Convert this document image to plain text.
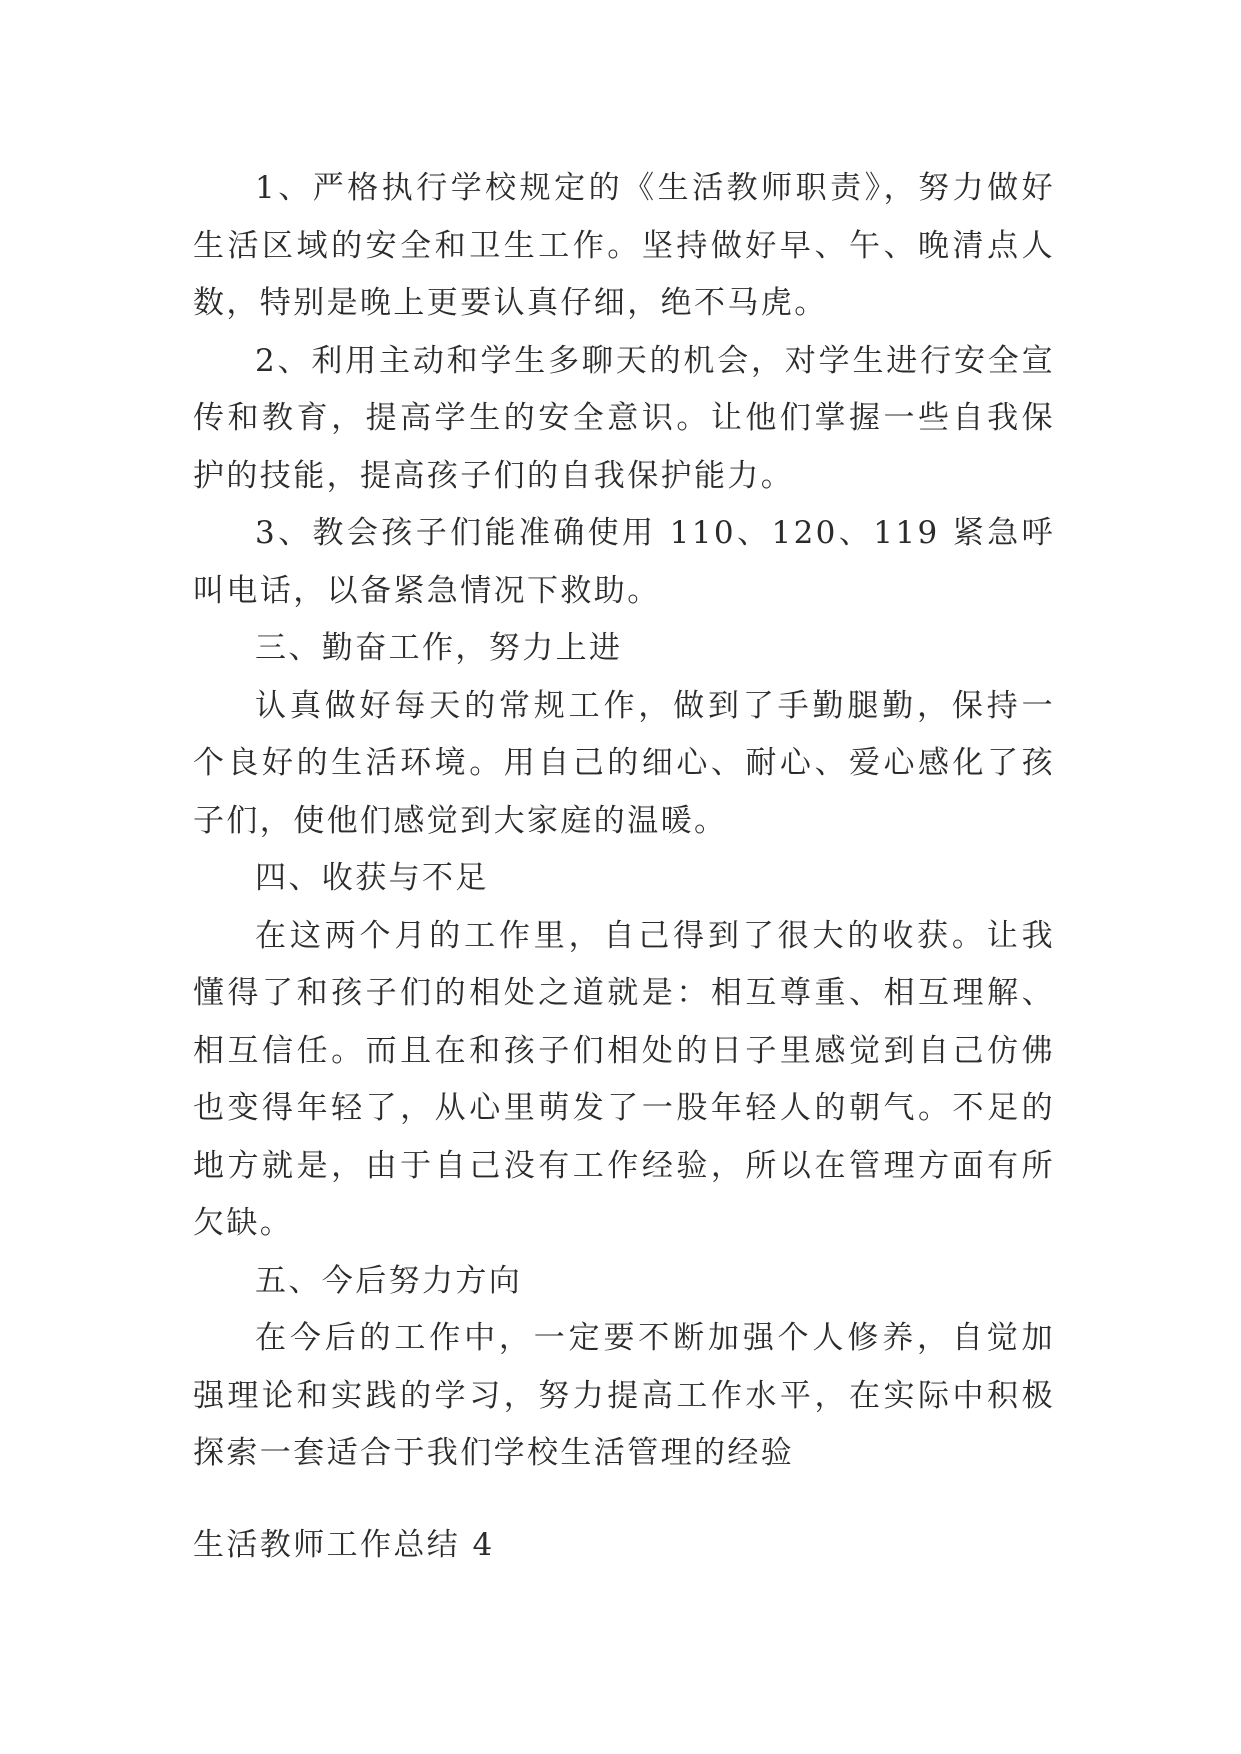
1、严格执行学校规定的《生活教师职责》，努力做好生活区域的安全和卫生工作。坚持做好早、午、晚清点人数，特别是晚上更要认真仔细，绝不马虎。

2、利用主动和学生多聊天的机会，对学生进行安全宣传和教育，提高学生的安全意识。让他们掌握一些自我保护的技能，提高孩子们的自我保护能力。

3、教会孩子们能准确使用 110、120、119 紧急呼叫电话，以备紧急情况下救助。

三、勤奋工作，努力上进

认真做好每天的常规工作，做到了手勤腿勤，保持一个良好的生活环境。用自己的细心、耐心、爱心感化了孩子们，使他们感觉到大家庭的温暖。

四、收获与不足

在这两个月的工作里，自己得到了很大的收获。让我懂得了和孩子们的相处之道就是：相互尊重、相互理解、相互信任。而且在和孩子们相处的日子里感觉到自己仿佛也变得年轻了，从心里萌发了一股年轻人的朝气。不足的地方就是，由于自己没有工作经验，所以在管理方面有所欠缺。

五、今后努力方向

在今后的工作中，一定要不断加强个人修养，自觉加强理论和实践的学习，努力提高工作水平，在实际中积极探索一套适合于我们学校生活管理的经验

生活教师工作总结 4
